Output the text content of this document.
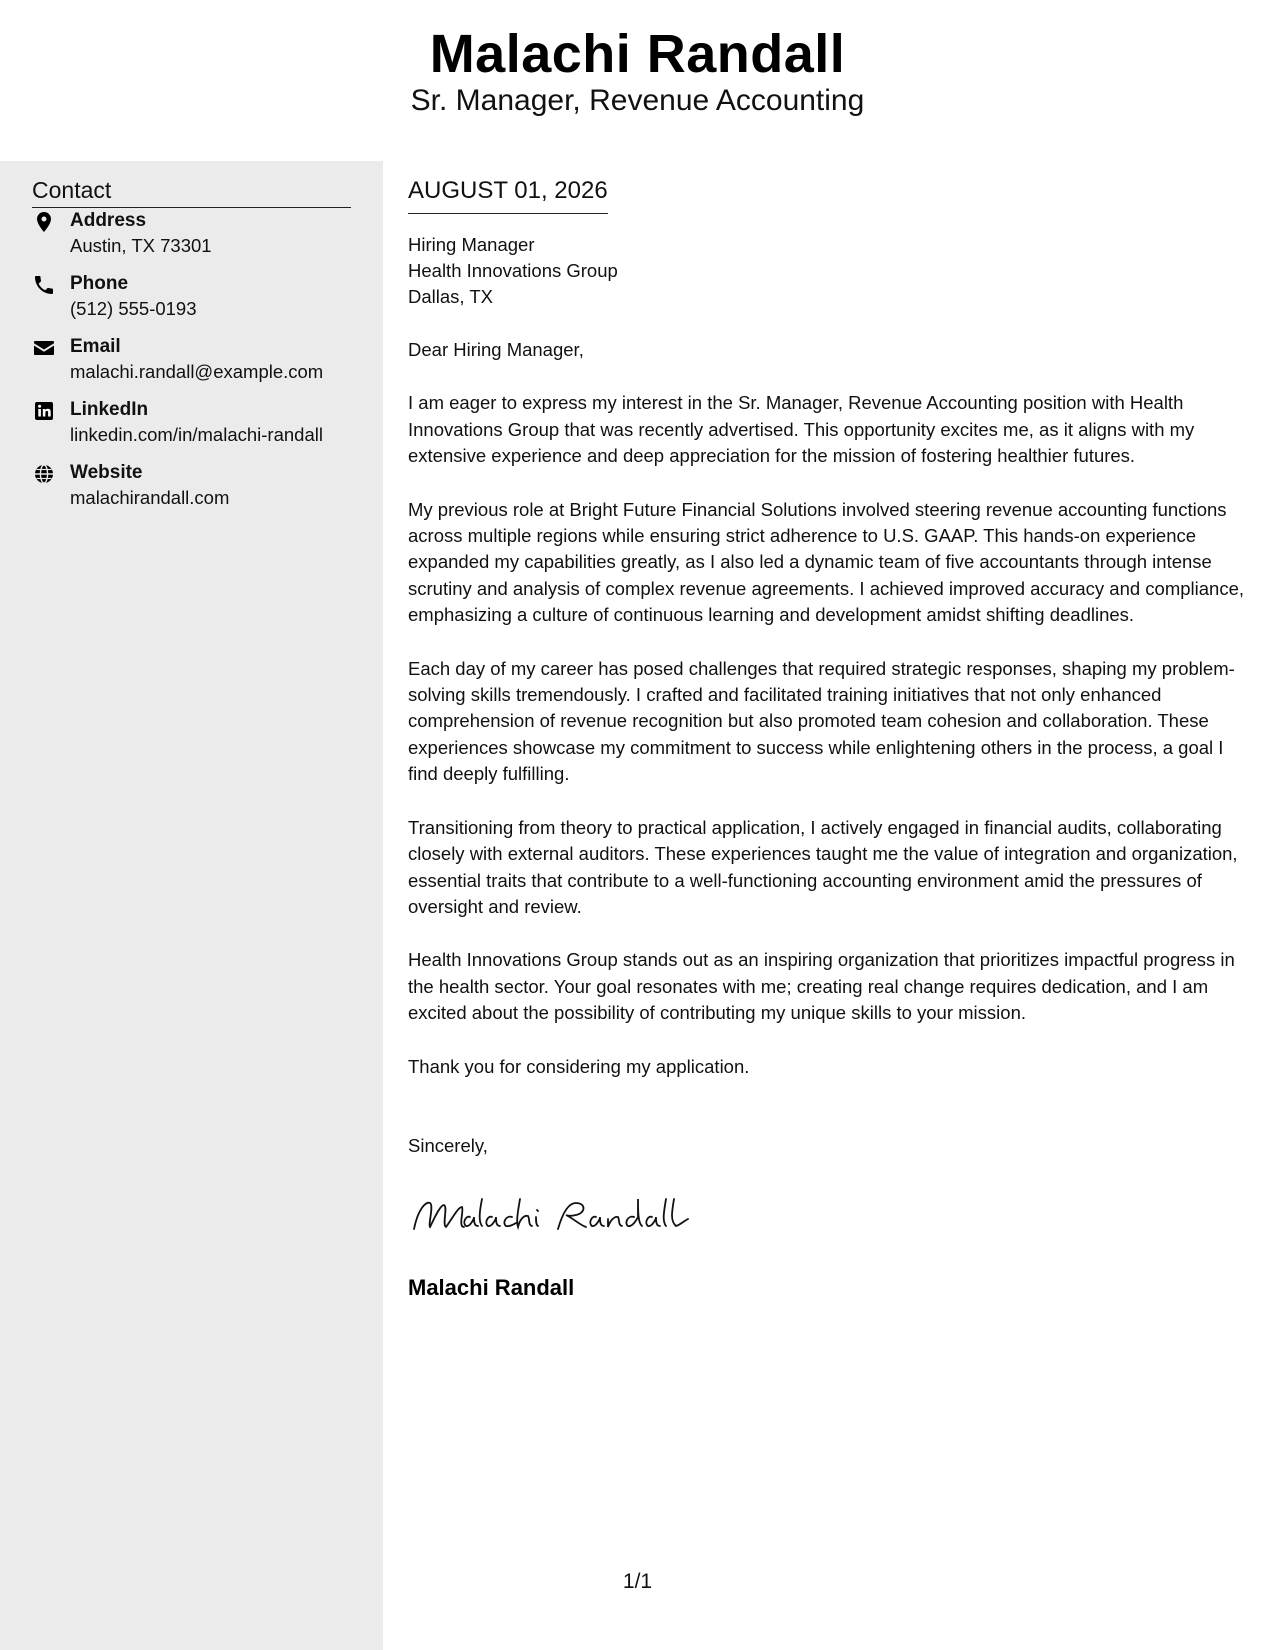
Malachi Randall
Sr. Manager, Revenue Accounting
Contact
Address
Austin, TX 73301
Phone
(512) 555-0193
Email
malachi.randall@example.com
LinkedIn
linkedin.com/in/malachi-randall
Website
malachirandall.com
AUGUST 01, 2026
Hiring Manager
Health Innovations Group
Dallas, TX

Dear Hiring Manager,

I am eager to express my interest in the Sr. Manager, Revenue Accounting position with Health Innovations Group that was recently advertised. This opportunity excites me, as it aligns with my extensive experience and deep appreciation for the mission of fostering healthier futures.

My previous role at Bright Future Financial Solutions involved steering revenue accounting functions across multiple regions while ensuring strict adherence to U.S. GAAP. This hands-on experience expanded my capabilities greatly, as I also led a dynamic team of five accountants through intense scrutiny and analysis of complex revenue agreements. I achieved improved accuracy and compliance, emphasizing a culture of continuous learning and development amidst shifting deadlines.

Each day of my career has posed challenges that required strategic responses, shaping my problem-solving skills tremendously. I crafted and facilitated training initiatives that not only enhanced comprehension of revenue recognition but also promoted team cohesion and collaboration. These experiences showcase my commitment to success while enlightening others in the process, a goal I find deeply fulfilling.

Transitioning from theory to practical application, I actively engaged in financial audits, collaborating closely with external auditors. These experiences taught me the value of integration and organization, essential traits that contribute to a well-functioning accounting environment amid the pressures of oversight and review.

Health Innovations Group stands out as an inspiring organization that prioritizes impactful progress in the health sector. Your goal resonates with me; creating real change requires dedication, and I am excited about the possibility of contributing my unique skills to your mission.

Thank you for considering my application.

Sincerely,
Malachi Randall
1/1
